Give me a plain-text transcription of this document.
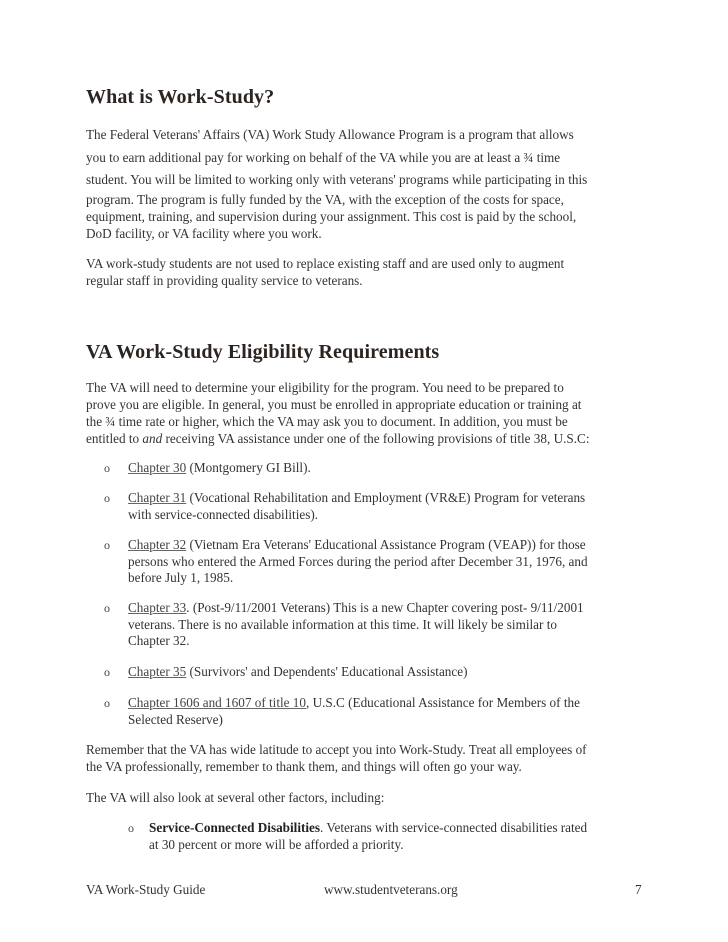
What is Work-Study?
The Federal Veterans' Affairs (VA) Work Study Allowance Program is a program that allows
you to earn additional pay for working on behalf of the VA while you are at least a ¾ time
student. You will be limited to working only with veterans' programs while participating in this
program. The program is fully funded by the VA, with the exception of the costs for space,
equipment, training, and supervision during your assignment. This cost is paid by the school,
DoD facility, or VA facility where you work.
VA work-study students are not used to replace existing staff and are used only to augment
regular staff in providing quality service to veterans.
VA Work-Study Eligibility Requirements
The VA will need to determine your eligibility for the program. You need to be prepared to
prove you are eligible. In general, you must be enrolled in appropriate education or training at
the ¾ time rate or higher, which the VA may ask you to document. In addition, you must be
entitled to and receiving VA assistance under one of the following provisions of title 38, U.S.C:
o Chapter 30 (Montgomery GI Bill).
o Chapter 31 (Vocational Rehabilitation and Employment (VR&E) Program for veterans
with service-connected disabilities).
o Chapter 32 (Vietnam Era Veterans' Educational Assistance Program (VEAP)) for those
persons who entered the Armed Forces during the period after December 31, 1976, and
before July 1, 1985.
o Chapter 33. (Post-9/11/2001 Veterans) This is a new Chapter covering post- 9/11/2001
veterans. There is no available information at this time. It will likely be similar to
Chapter 32.
o Chapter 35 (Survivors' and Dependents' Educational Assistance)
o Chapter 1606 and 1607 of title 10, U.S.C (Educational Assistance for Members of the
Selected Reserve)
Remember that the VA has wide latitude to accept you into Work-Study. Treat all employees of
the VA professionally, remember to thank them, and things will often go your way.
The VA will also look at several other factors, including:
o Service-Connected Disabilities. Veterans with service-connected disabilities rated
at 30 percent or more will be afforded a priority.
VA Work-Study Guide	www.studentveterans.org	7
